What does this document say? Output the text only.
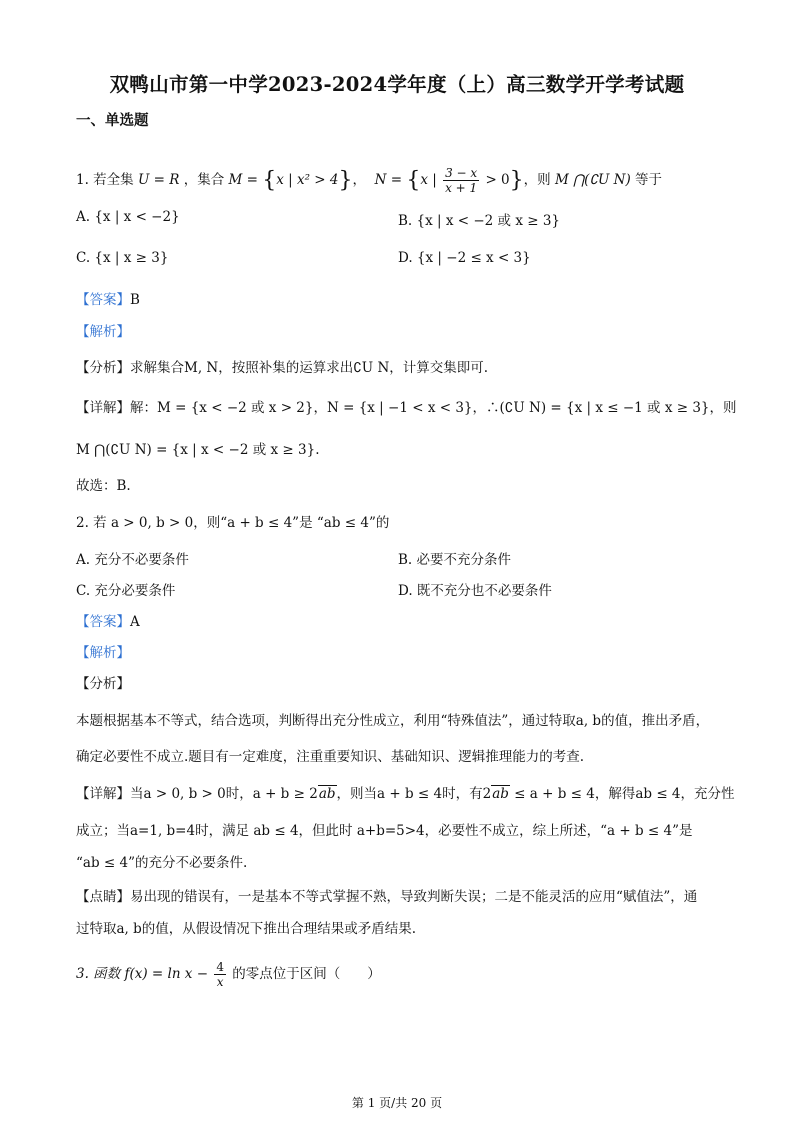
双鸭山市第一中学2023-2024学年度（上）高三数学开学考试题
一、单选题
1. 若全集 U = R ，集合 M = {x | x² > 4}， N = {x | $\frac{3 - x}{x + 1} > 0$}，则 M ⋂(∁U N) 等于
A. {x | x < −2}	B. {x | x < −2 或 x ≥ 3}
C. {x | x ≥ 3}	D. {x | −2 ≤ x < 3}
【答案】B
【解析】
【分析】求解集合M, N，按照补集的运算求出∁U N，计算交集即可.
【详解】解：M = {x < −2 或 x > 2}，N = {x | −1 < x < 3}，∴(∁U N) = {x | x ≤ −1 或 x ≥ 3}，则
M ⋂(∁U N) = {x | x < −2 或 x ≥ 3}.
故选：B.
2. 若 a > 0, b > 0，则“a + b ≤ 4”是 “ab ≤ 4”的
A. 充分不必要条件	B. 必要不充分条件
C. 充分必要条件	D. 既不充分也不必要条件
【答案】A
【解析】
【分析】
本题根据基本不等式，结合选项，判断得出充分性成立，利用“特殊值法”，通过特取a, b的值，推出矛盾，
确定必要性不成立.题目有一定难度，注重重要知识、基础知识、逻辑推理能力的考查.
【详解】当a > 0, b > 0时，a + b ≥ 2ab，则当a + b ≤ 4时，有2ab ≤ a + b ≤ 4，解得ab ≤ 4，充分性
成立；当a=1, b=4时，满足 ab ≤ 4，但此时 a+b=5>4，必要性不成立，综上所述，“a + b ≤ 4”是
“ab ≤ 4”的充分不必要条件.
【点睛】易出现的错误有，一是基本不等式掌握不熟，导致判断失误；二是不能灵活的应用“赋值法”，通
过特取a, b的值，从假设情况下推出合理结果或矛盾结果.
3. 函数 $f(x) = \ln x - \frac{4}{x}$ 的零点位于区间（　　）
第 1 页/共 20 页
